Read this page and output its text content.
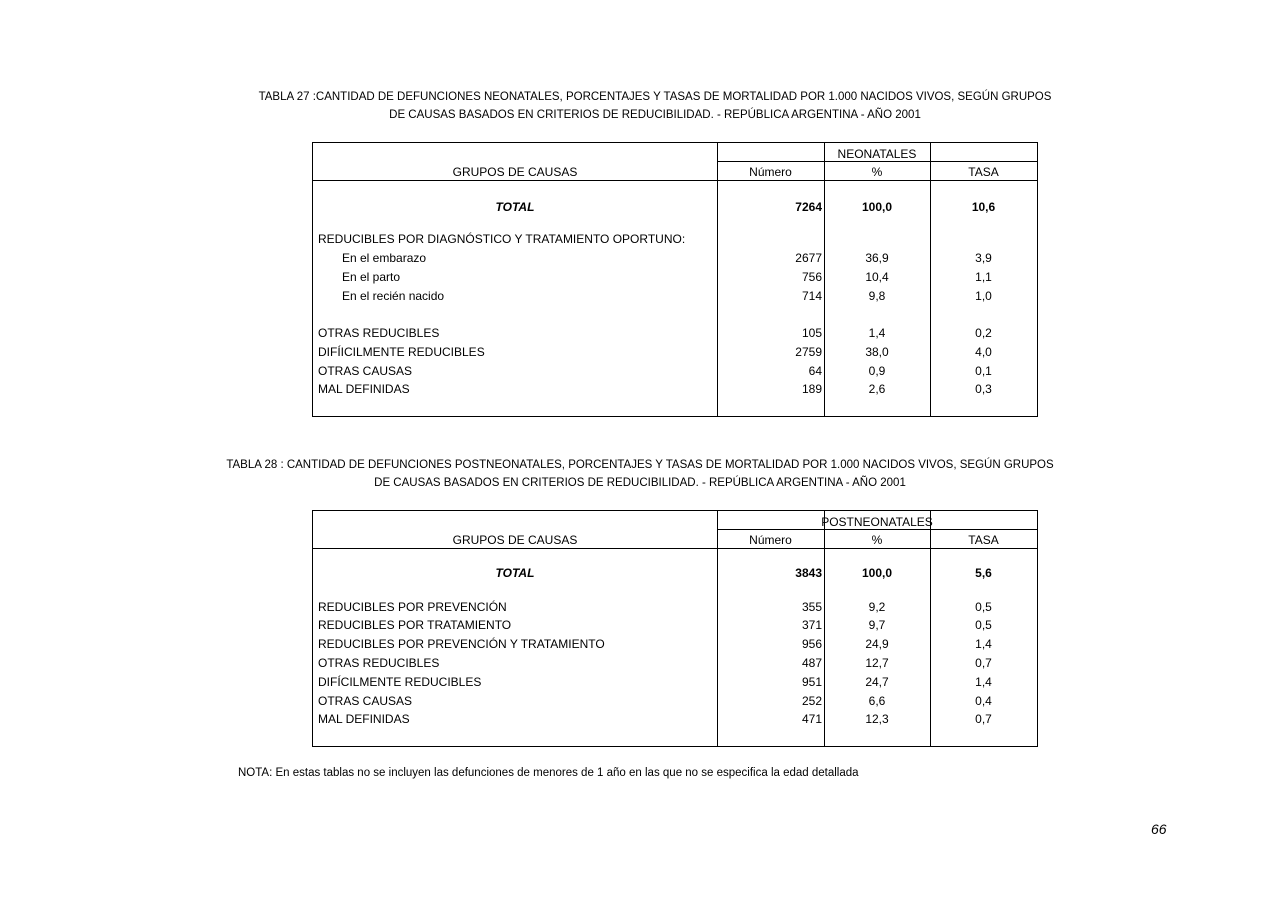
TABLA 27 :CANTIDAD DE DEFUNCIONES NEONATALES, PORCENTAJES Y TASAS DE MORTALIDAD POR 1.000 NACIDOS VIVOS, SEGÚN GRUPOS
DE CAUSAS BASADOS EN CRITERIOS DE REDUCIBILIDAD. - REPÚBLICA ARGENTINA - AÑO 2001
NEONATALES
GRUPOS DE CAUSAS	Número	%	TASA
TOTAL	7264	100,0	10,6
REDUCIBLES POR DIAGNÓSTICO Y TRATAMIENTO OPORTUNO:
En el embarazo	2677	36,9	3,9
En el parto	756	10,4	1,1
En el recién nacido	714	9,8	1,0
OTRAS REDUCIBLES	105	1,4	0,2
DIFÍICILMENTE REDUCIBLES	2759	38,0	4,0
OTRAS CAUSAS	64	0,9	0,1
MAL DEFINIDAS	189	2,6	0,3
TABLA 28 : CANTIDAD DE DEFUNCIONES POSTNEONATALES, PORCENTAJES Y TASAS DE MORTALIDAD POR 1.000 NACIDOS VIVOS, SEGÚN GRUPOS
DE CAUSAS BASADOS EN CRITERIOS DE REDUCIBILIDAD. - REPÚBLICA ARGENTINA - AÑO 2001
POSTNEONATALES
GRUPOS DE CAUSAS	Número	%	TASA
TOTAL	3843	100,0	5,6
REDUCIBLES POR PREVENCIÓN	355	9,2	0,5
REDUCIBLES POR TRATAMIENTO	371	9,7	0,5
REDUCIBLES POR PREVENCIÓN Y TRATAMIENTO	956	24,9	1,4
OTRAS REDUCIBLES	487	12,7	0,7
DIFÍCILMENTE REDUCIBLES	951	24,7	1,4
OTRAS CAUSAS	252	6,6	0,4
MAL DEFINIDAS	471	12,3	0,7
NOTA: En estas tablas no se incluyen las defunciones de menores de 1 año en las que no se especifica la edad detallada
66
